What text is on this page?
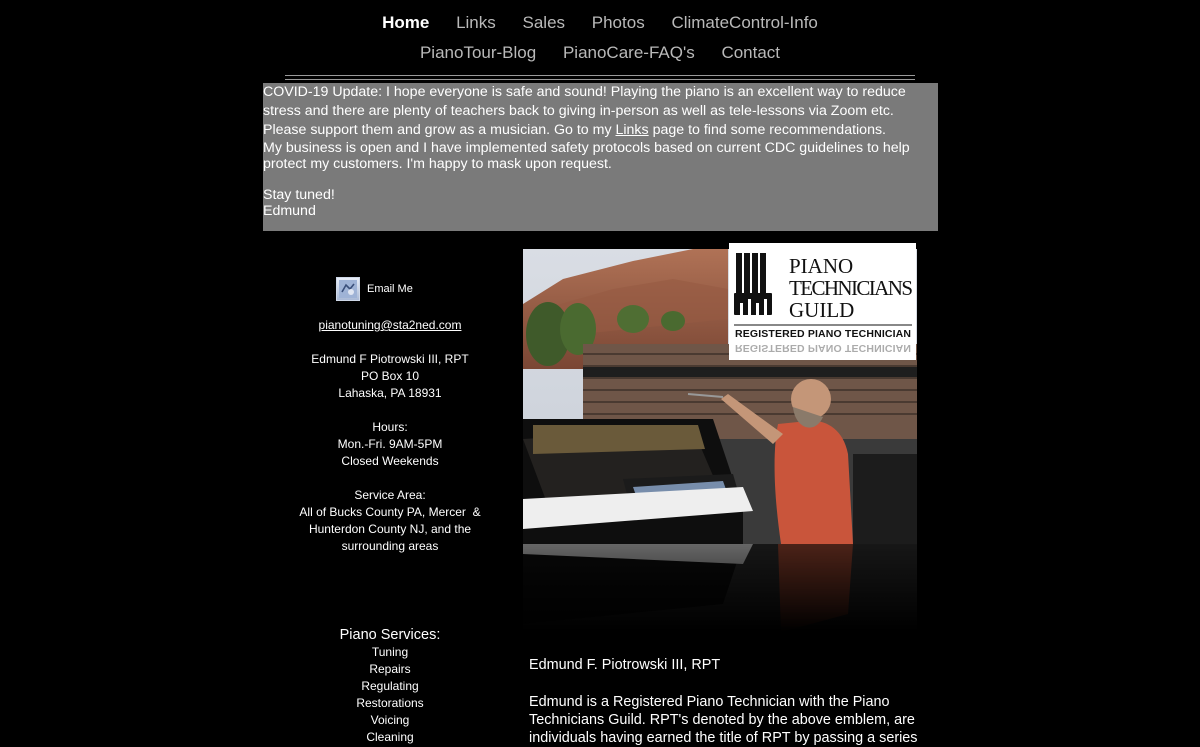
Home Links Sales Photos ClimateControl-Info
PianoTour-Blog PianoCare-FAQ's Contact

COVID-19 Update: I hope everyone is safe and sound! Playing the piano is an excellent way to reduce stress and there are plenty of teachers back to giving in-person as well as tele-lessons via Zoom etc. Please support them and grow as a musician. Go to my Links page to find some recommendations.

My business is open and I have implemented safety protocols based on current CDC guidelines to help protect my customers. I'm happy to mask upon request.

Stay tuned!

Edmund

Email Me
pianotuning@sta2ned.com
Edmund F Piotrowski III, RPT
PO Box 10
Lahaska, PA 18931
Hours:
Mon.-Fri. 9AM-5PM
Closed Weekends
Service Area:
All of Bucks County PA, Mercer  &
Hunterdon County NJ, and the
surrounding areas
Piano Services:
Tuning
Repairs
Regulating
Restorations
Voicing
Cleaning
PIANO
TECHNICIANS
GUILD
REGISTERED PIANO TECHNICIAN
REGISTERED PIANO TECHNICIAN
Edmund F. Piotrowski III, RPT
Edmund is a Registered Piano Technician with the Piano
Technicians Guild. RPT's denoted by the above emblem, are
individuals having earned the title of RPT by passing a series
